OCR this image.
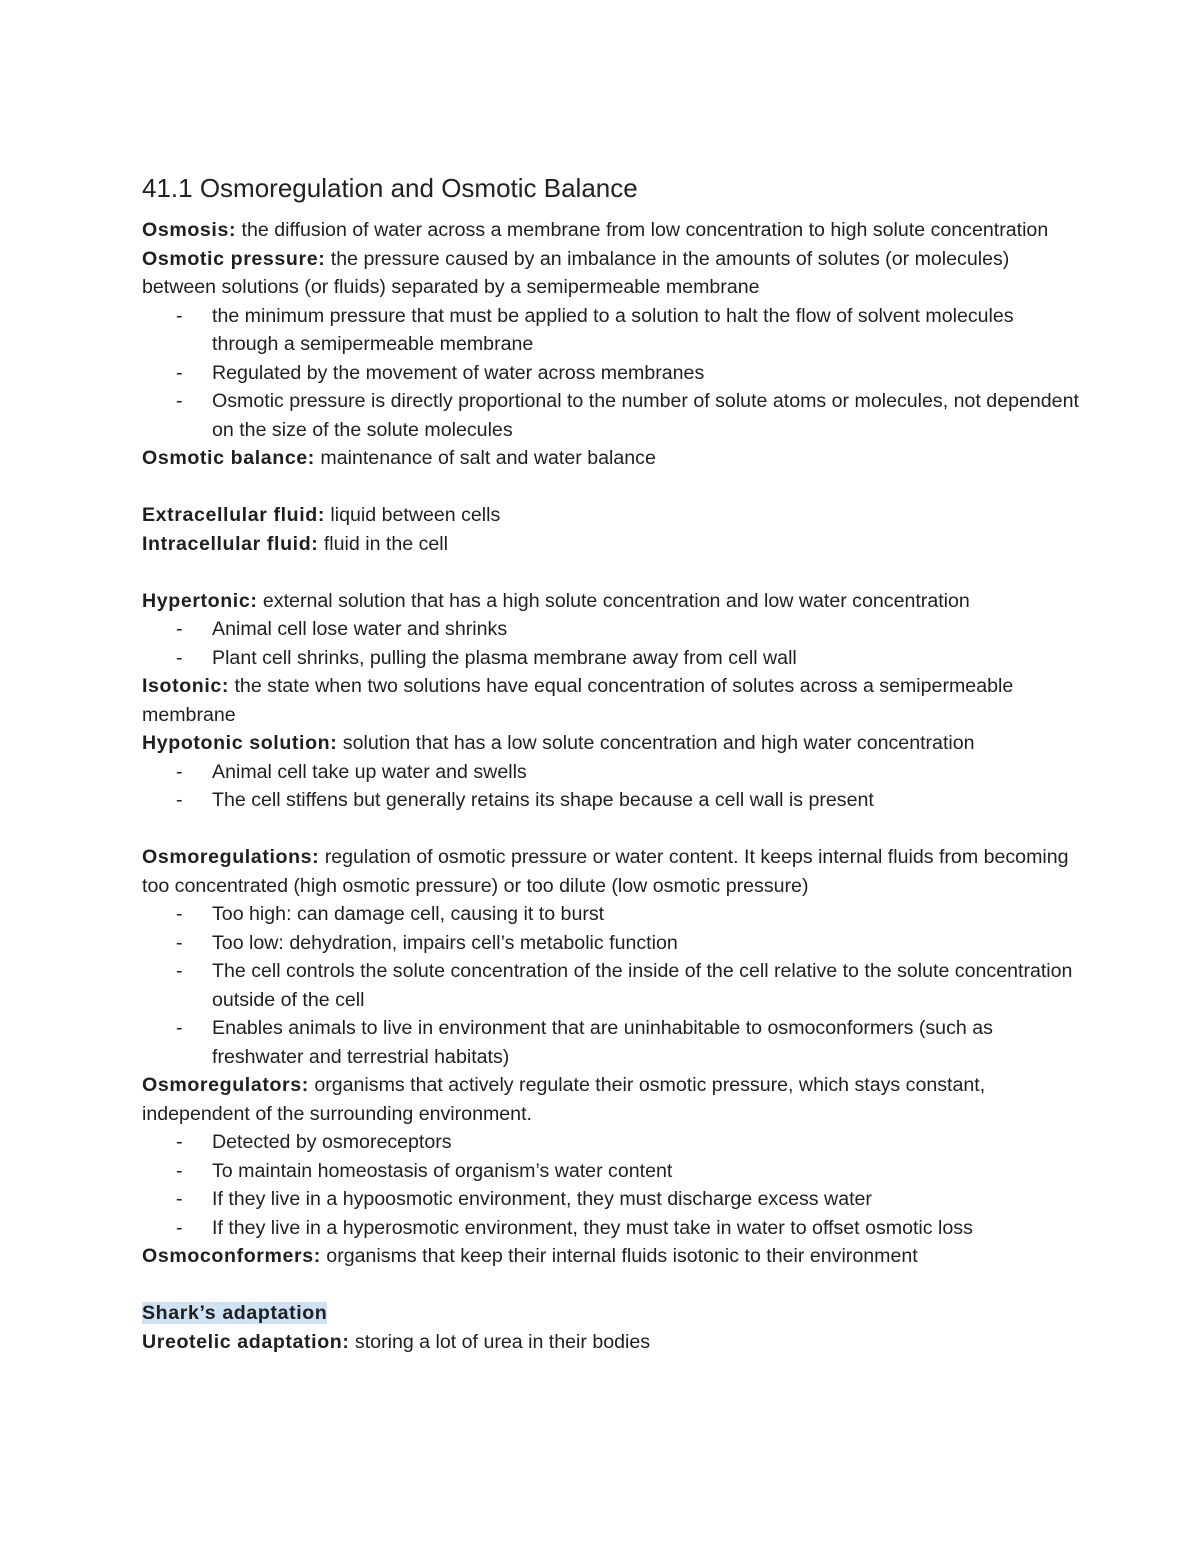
41.1 Osmoregulation and Osmotic Balance

Osmosis: the diffusion of water across a membrane from low concentration to high solute concentration

Osmotic pressure: the pressure caused by an imbalance in the amounts of solutes (or molecules) between solutions (or fluids) separated by a semipermeable membrane

- the minimum pressure that must be applied to a solution to halt the flow of solvent molecules through a semipermeable membrane
- Regulated by the movement of water across membranes
- Osmotic pressure is directly proportional to the number of solute atoms or molecules, not dependent on the size of the solute molecules

Osmotic balance: maintenance of salt and water balance

Extracellular fluid: liquid between cells

Intracellular fluid: fluid in the cell

Hypertonic: external solution that has a high solute concentration and low water concentration

- Animal cell lose water and shrinks
- Plant cell shrinks, pulling the plasma membrane away from cell wall

Isotonic: the state when two solutions have equal concentration of solutes across a semipermeable membrane

Hypotonic solution: solution that has a low solute concentration and high water concentration

- Animal cell take up water and swells
- The cell stiffens but generally retains its shape because a cell wall is present

Osmoregulations: regulation of osmotic pressure or water content. It keeps internal fluids from becoming too concentrated (high osmotic pressure) or too dilute (low osmotic pressure)

- Too high: can damage cell, causing it to burst
- Too low: dehydration, impairs cell’s metabolic function
- The cell controls the solute concentration of the inside of the cell relative to the solute concentration outside of the cell
- Enables animals to live in environment that are uninhabitable to osmoconformers (such as freshwater and terrestrial habitats)

Osmoregulators: organisms that actively regulate their osmotic pressure, which stays constant, independent of the surrounding environment.

- Detected by osmoreceptors
- To maintain homeostasis of organism’s water content
- If they live in a hypoosmotic environment, they must discharge excess water
- If they live in a hyperosmotic environment, they must take in water to offset osmotic loss

Osmoconformers: organisms that keep their internal fluids isotonic to their environment

Shark’s adaptation

Ureotelic adaptation: storing a lot of urea in their bodies
